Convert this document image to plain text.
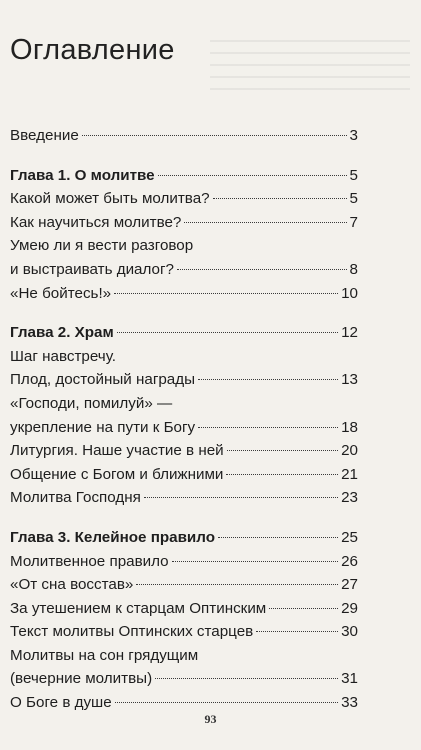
Оглавление
Введение	3
Глава 1. О молитве	5
Какой может быть молитва?	5
Как научиться молитве?	7
Умею ли я вести разговор
и выстраивать диалог?	8
«Не бойтесь!»	10
Глава 2. Храм	12
Шаг навстречу.
Плод, достойный награды	13
«Господи, помилуй» —
укрепление на пути к Богу	18
Литургия. Наше участие в ней	20
Общение с Богом и ближними	21
Молитва Господня	23
Глава 3. Келейное правило	25
Молитвенное правило	26
«От сна восстав»	27
За утешением к старцам Оптинским	29
Текст молитвы Оптинских старцев	30
Молитвы на сон грядущим
(вечерние молитвы)	31
О Боге в душе	33
93
